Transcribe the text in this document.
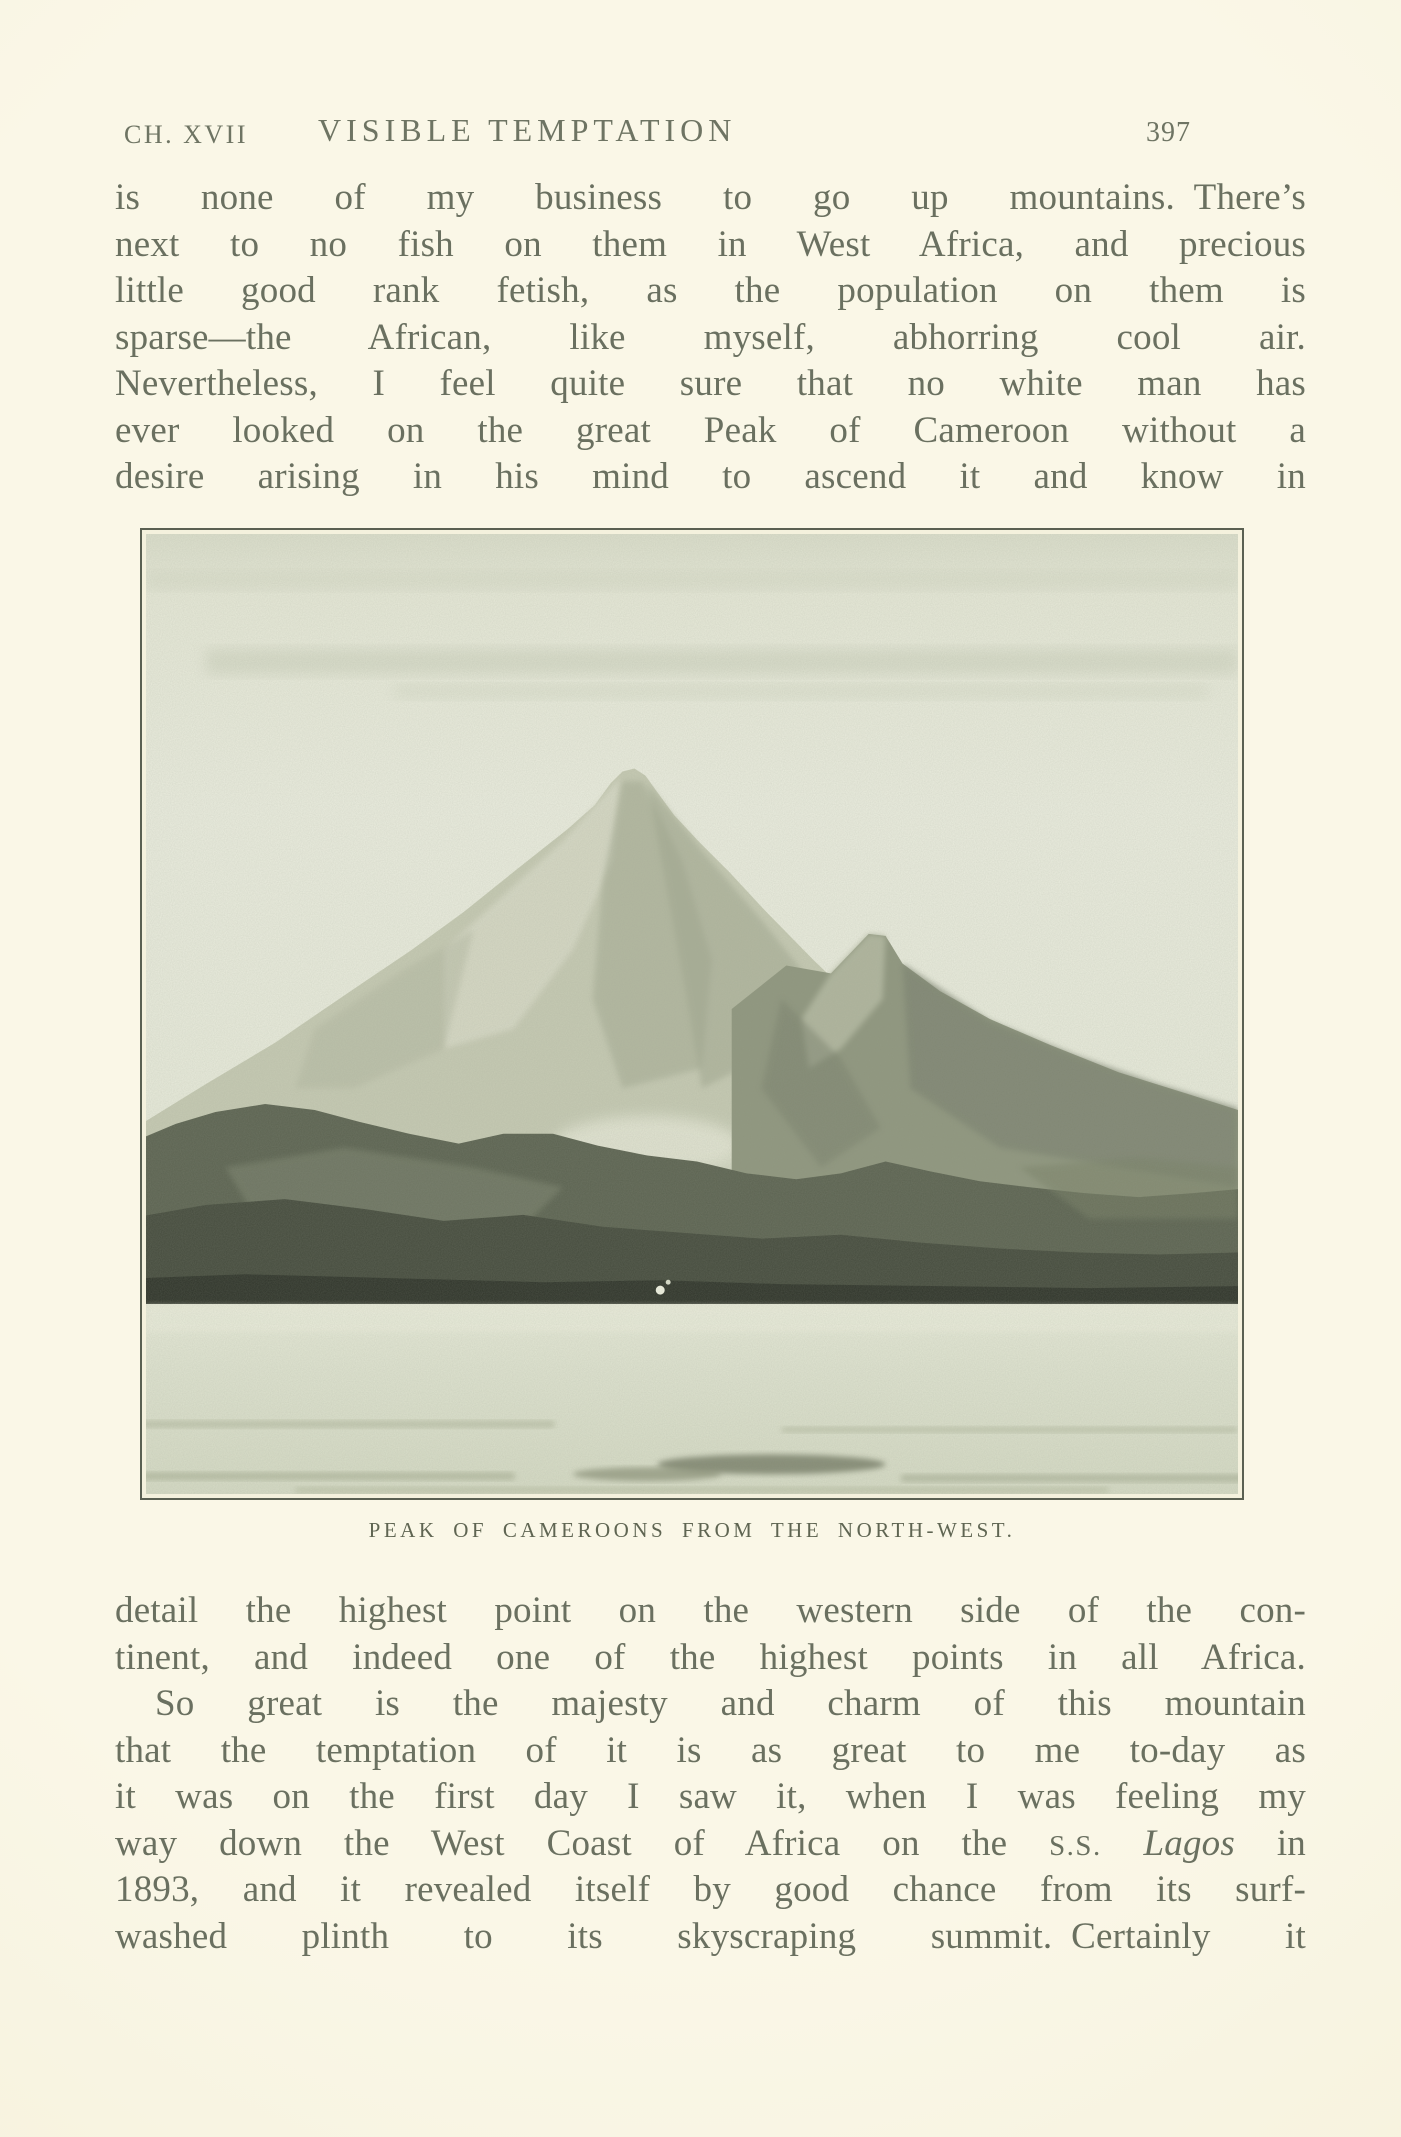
CH. XVII VISIBLE TEMPTATION	397
is none of my business to go up mountains. There’s
next to no fish on them in West Africa, and precious
little good rank fetish, as the population on them is
sparse—the African, like myself, abhorring cool air.
Nevertheless, I feel quite sure that no white man has
ever looked on the great Peak of Cameroon without a
desire arising in his mind to ascend it and know in
PEAK OF CAMEROONS FROM THE NORTH-WEST.
detail the highest point on the western side of the con-
tinent, and indeed one of the highest points in all Africa.
So great is the majesty and charm of this mountain
that the temptation of it is as great to me to-day as
it was on the first day I saw it, when I was feeling my
way down the West Coast of Africa on the S.S. Lagos in
1893, and it revealed itself by good chance from its surf-
washed plinth to its skyscraping summit. Certainly it
